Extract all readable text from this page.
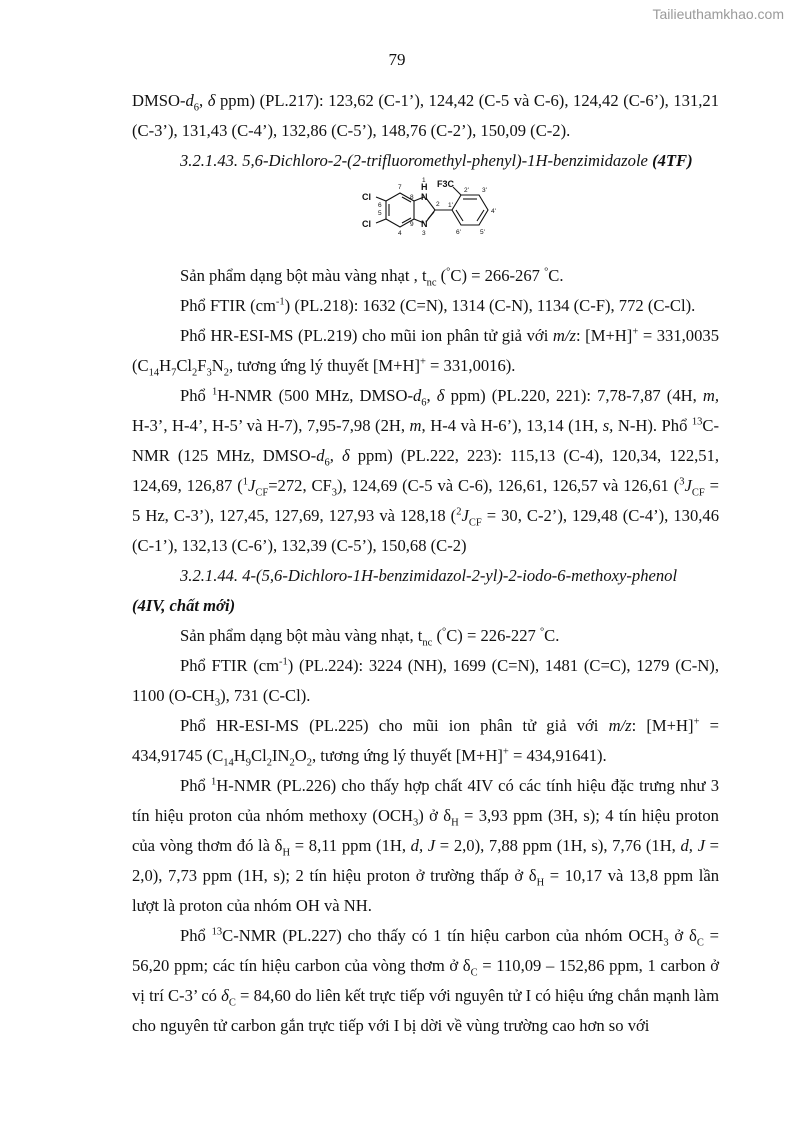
Tailieuthamkhao.com
79

DMSO-$d_6$, δ ppm) (PL.217): 123,62 (C-1’), 124,42 (C-5 và C-6), 124,42 (C-6’), 131,21 (C-3’), 131,43 (C-4’), 132,86 (C-5’), 148,76 (C-2’), 150,09 (C-2).

3.2.1.43. 5,6-Dichloro-2-(2-trifluoromethyl-phenyl)-1H-benzimidazole (4TF)

Cl
Cl
N
H
N
F3C
1
2
3
4
5
6
7
8
9
1'
2' 3'
4'
5'
6'

Sản phẩm dạng bột màu vàng nhạt , $t_{nc}$ (°C) = 266-267 °C.

Phổ FTIR $(cm^{-1})$ (PL.218): 1632 (C=N), 1314 (C-N), 1134 (C-F), 772 (C-Cl).

Phổ HR-ESI-MS (PL.219) cho mũi ion phân tử giả với m/z: [M+H]+ = 331,0035 ($C_{14}H_7Cl_2F_3N_2$, tương ứng lý thuyết [M+H]+ = 331,0016).

Phổ $^1$H-NMR (500 MHz, DMSO-$d_6$, δ ppm) (PL.220, 221): 7,78-7,87 (4H, m, H-3’, H-4’, H-5’ và H-7), 7,95-7,98 (2H, m, H-4 và H-6’), 13,14 (1H, s, N-H). Phổ $^{13}$C-NMR (125 MHz, DMSO-$d_6$, δ ppm) (PL.222, 223): 115,13 (C-4), 120,34, 122,51, 124,69, 126,87 ($^1J_{CF}=272$, $CF_3$), 124,69 (C-5 và C-6), 126,61, 126,57 và 126,61 ($^3J_{CF} = 5$ Hz, C-3’), 127,45, 127,69, 127,93 và 128,18 ($^2J_{CF} = 30$, C-2’), 129,48 (C-4’), 130,46 (C-1’), 132,13 (C-6’), 132,39 (C-5’), 150,68 (C-2)

3.2.1.44. 4-(5,6-Dichloro-1H-benzimidazol-2-yl)-2-iodo-6-methoxy-phenol

(4IV, chất mới)

Sản phẩm dạng bột màu vàng nhạt, $t_{nc}$ (°C) = 226-227 °C.

Phổ FTIR $(cm^{-1})$ (PL.224): 3224 (NH), 1699 (C=N), 1481 (C=C), 1279 (C-N), 1100 $(O-CH_3)$, 731 (C-Cl).

Phổ HR-ESI-MS (PL.225) cho mũi ion phân tử giả với m/z: [M+H]+ = 434,91745 ($C_{14}H_9Cl_2IN_2O_2$, tương ứng lý thuyết [M+H]+ = 434,91641).

Phổ $^1$H-NMR (PL.226) cho thấy hợp chất 4IV có các tính hiệu đặc trưng như 3 tín hiệu proton của nhóm methoxy $(OCH_3)$ ở $\delta_H = 3,93$ ppm (3H, s); 4 tín hiệu proton của vòng thơm đó là $\delta_H = 8,11$ ppm (1H, d, J = 2,0), 7,88 ppm (1H, s), 7,76 (1H, d, J = 2,0), 7,73 ppm (1H, s); 2 tín hiệu proton ở trường thấp ở $\delta_H = 10,17$ và 13,8 ppm lần lượt là proton của nhóm OH và NH.

Phổ $^{13}$C-NMR (PL.227) cho thấy có 1 tín hiệu carbon của nhóm $OCH_3$ ở $\delta_C = 56,20$ ppm; các tín hiệu carbon của vòng thơm ở $\delta_C = 110,09 - 152,86$ ppm, 1 carbon ở vị trí C-3’ có $\delta_C = 84,60$ do liên kết trực tiếp với nguyên tử I có hiệu ứng chắn mạnh làm cho nguyên tử carbon gắn trực tiếp với I bị dời về vùng trường cao hơn so với
